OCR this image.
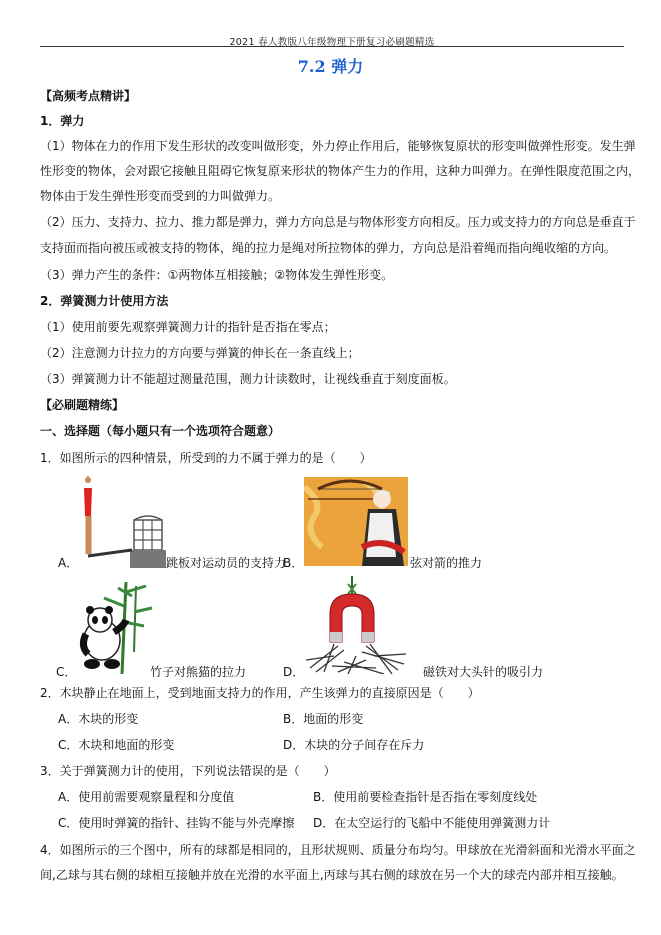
2021 春人教版八年级物理下册复习必刷题精选
7.2 弹力
【高频考点精讲】
1．弹力
（1）物体在力的作用下发生形状的改变叫做形变，外力停止作用后，能够恢复原状的形变叫做弹性形变。发生弹
性形变的物体，会对跟它接触且阻碍它恢复原来形状的物体产生力的作用，这种力叫弹力。在弹性限度范围之内，
物体由于发生弹性形变而受到的力叫做弹力。
（2）压力、支持力、拉力、推力都是弹力，弹力方向总是与物体形变方向相反。压力或支持力的方向总是垂直于
支持面而指向被压或被支持的物体，绳的拉力是绳对所拉物体的弹力，方向总是沿着绳而指向绳收缩的方向。
（3）弹力产生的条件：①两物体互相接触；②物体发生弹性形变。
2．弹簧测力计使用方法
（1）使用前要先观察弹簧测力计的指针是否指在零点；
（2）注意测力计拉力的方向要与弹簧的伸长在一条直线上；
（3）弹簧测力计不能超过测量范围，测力计读数时，让视线垂直于刻度面板。
【必刷题精练】
一、选择题（每小题只有一个选项符合题意）
1．如图所示的四种情景，所受到的力不属于弹力的是（　　）
A．	跳板对运动员的支持力
B．	弦对箭的推力
C．	竹子对熊猫的拉力	D．	磁铁对大头针的吸引力
2．木块静止在地面上，受到地面支持力的作用，产生该弹力的直接原因是（　　）
A．木块的形变	B．地面的形变
C．木块和地面的形变	D．木块的分子间存在斥力
3．关于弹簧测力计的使用，下列说法错误的是（　　）
A．使用前需要观察量程和分度值	B．使用前要检查指针是否指在零刻度线处
C．使用时弹簧的指针、挂钩不能与外壳摩擦 D．在太空运行的飞船中不能使用弹簧测力计
4．如图所示的三个图中，所有的球都是相同的，且形状规则、质量分布均匀。甲球放在光滑斜面和光滑水平面之
间,乙球与其右侧的球相互接触并放在光滑的水平面上,丙球与其右侧的球放在另一个大的球壳内部并相互接触。
